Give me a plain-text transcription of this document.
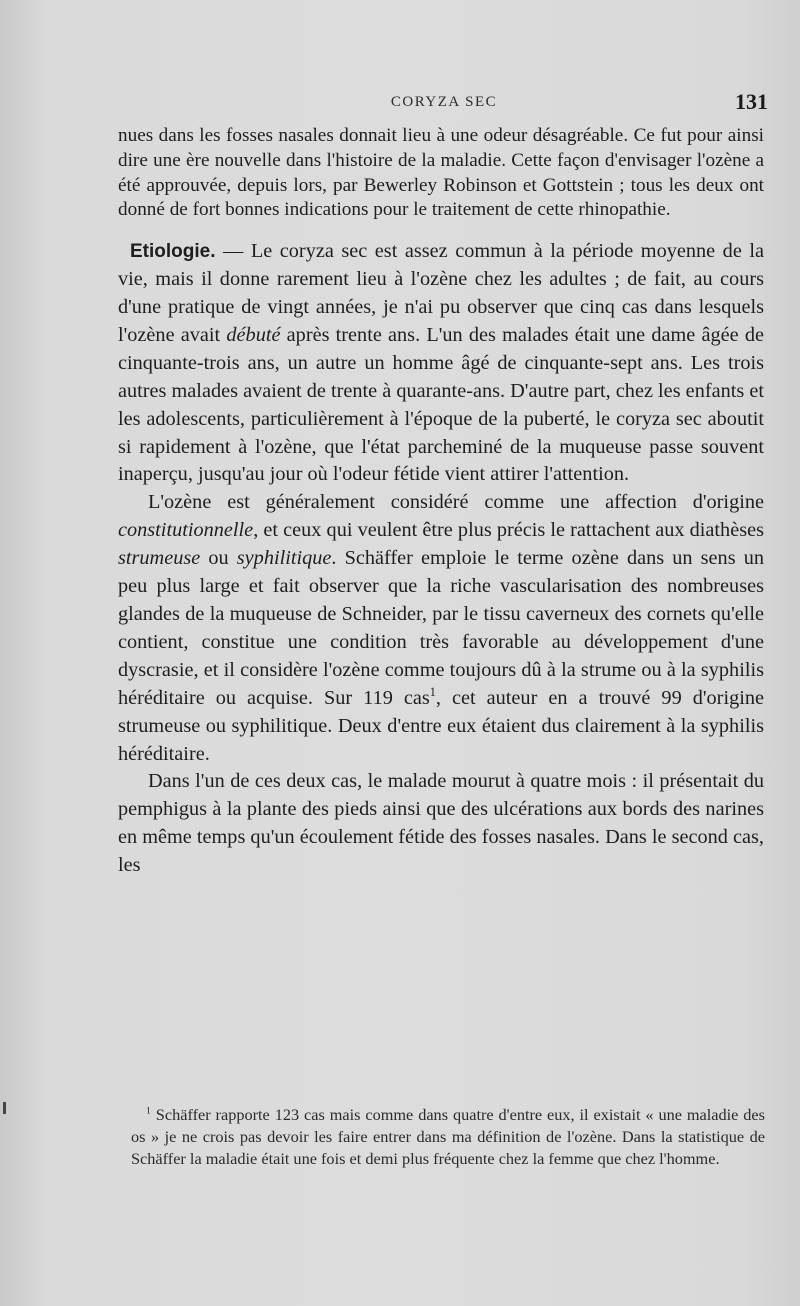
CORYZA SEC	131

nues dans les fosses nasales donnait lieu à une odeur désagréable. Ce fut pour ainsi dire une ère nouvelle dans l'histoire de la maladie. Cette façon d'envisager l'ozène a été approuvée, depuis lors, par Bewerley Robinson et Gottstein ; tous les deux ont donné de fort bonnes indications pour le traitement de cette rhinopathie.

Etiologie. — Le coryza sec est assez commun à la période moyenne de la vie, mais il donne rarement lieu à l'ozène chez les adultes ; de fait, au cours d'une pratique de vingt années, je n'ai pu observer que cinq cas dans lesquels l'ozène avait débuté après trente ans. L'un des malades était une dame âgée de cinquante-trois ans, un autre un homme âgé de cinquante-sept ans. Les trois autres malades avaient de trente à quarante-ans. D'autre part, chez les enfants et les adolescents, particulièrement à l'époque de la puberté, le coryza sec aboutit si rapidement à l'ozène, que l'état parcheminé de la muqueuse passe souvent inaperçu, jusqu'au jour où l'odeur fétide vient attirer l'attention.

L'ozène est généralement considéré comme une affection d'origine constitutionnelle, et ceux qui veulent être plus précis le rattachent aux diathèses strumeuse ou syphilitique. Schäffer emploie le terme ozène dans un sens un peu plus large et fait observer que la riche vascularisation des nombreuses glandes de la muqueuse de Schneider, par le tissu caverneux des cornets qu'elle contient, constitue une condition très favorable au développement d'une dyscrasie, et il considère l'ozène comme toujours dû à la strume ou à la syphilis héréditaire ou acquise. Sur 119 cas$^1$, cet auteur en a trouvé 99 d'origine strumeuse ou syphilitique. Deux d'entre eux étaient dus clairement à la syphilis héréditaire.

Dans l'un de ces deux cas, le malade mourut à quatre mois : il présentait du pemphigus à la plante des pieds ainsi que des ulcérations aux bords des narines en même temps qu'un écoulement fétide des fosses nasales. Dans le second cas, les

$^1$ Schäffer rapporte 123 cas mais comme dans quatre d'entre eux, il existait « une maladie des os » je ne crois pas devoir les faire entrer dans ma définition de l'ozène. Dans la statistique de Schäffer la maladie était une fois et demi plus fréquente chez la femme que chez l'homme.
